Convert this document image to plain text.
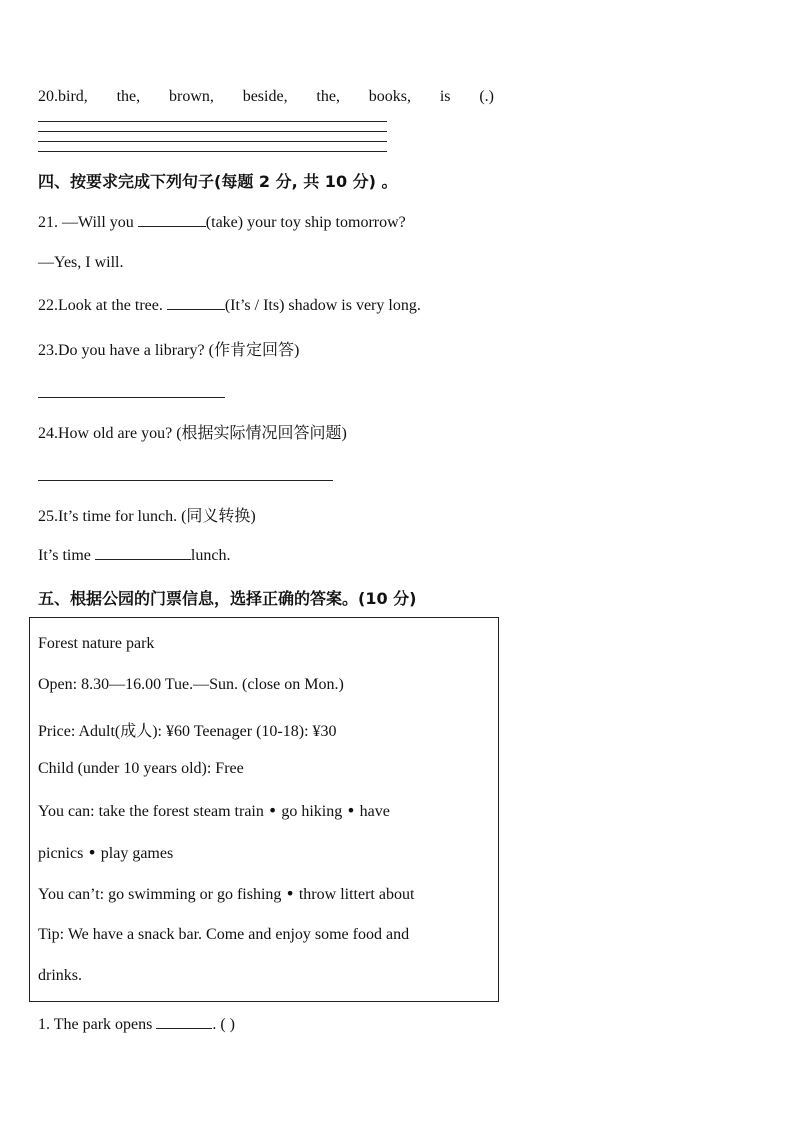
20.bird, the, brown, beside, the, books, is (.)
四、按要求完成下列句子(每题 2 分, 共 10 分) 。
21. —Will you	(take) your toy ship tomorrow?
—Yes, I will.
22.Look at the tree.	(It’s / Its) shadow is very long.
23.Do you have a library? (作肯定回答)
24.How old are you? (根据实际情况回答问题)
25.It’s time for lunch. (同义转换)
It’s time	lunch.
五、根据公园的门票信息，选择正确的答案。(10 分)
Forest nature park
Open: 8.30—16.00 Tue.—Sun. (close on Mon.)
Price: Adult(成人): ¥60 Teenager (10-18): ¥30
Child (under 10 years old): Free
You can: take the forest steam train • go hiking • have
picnics • play games
You can’t: go swimming or go fishing • throw littert about
Tip: We have a snack bar. Come and enjoy some food and
drinks.
1. The park opens	. ( )
